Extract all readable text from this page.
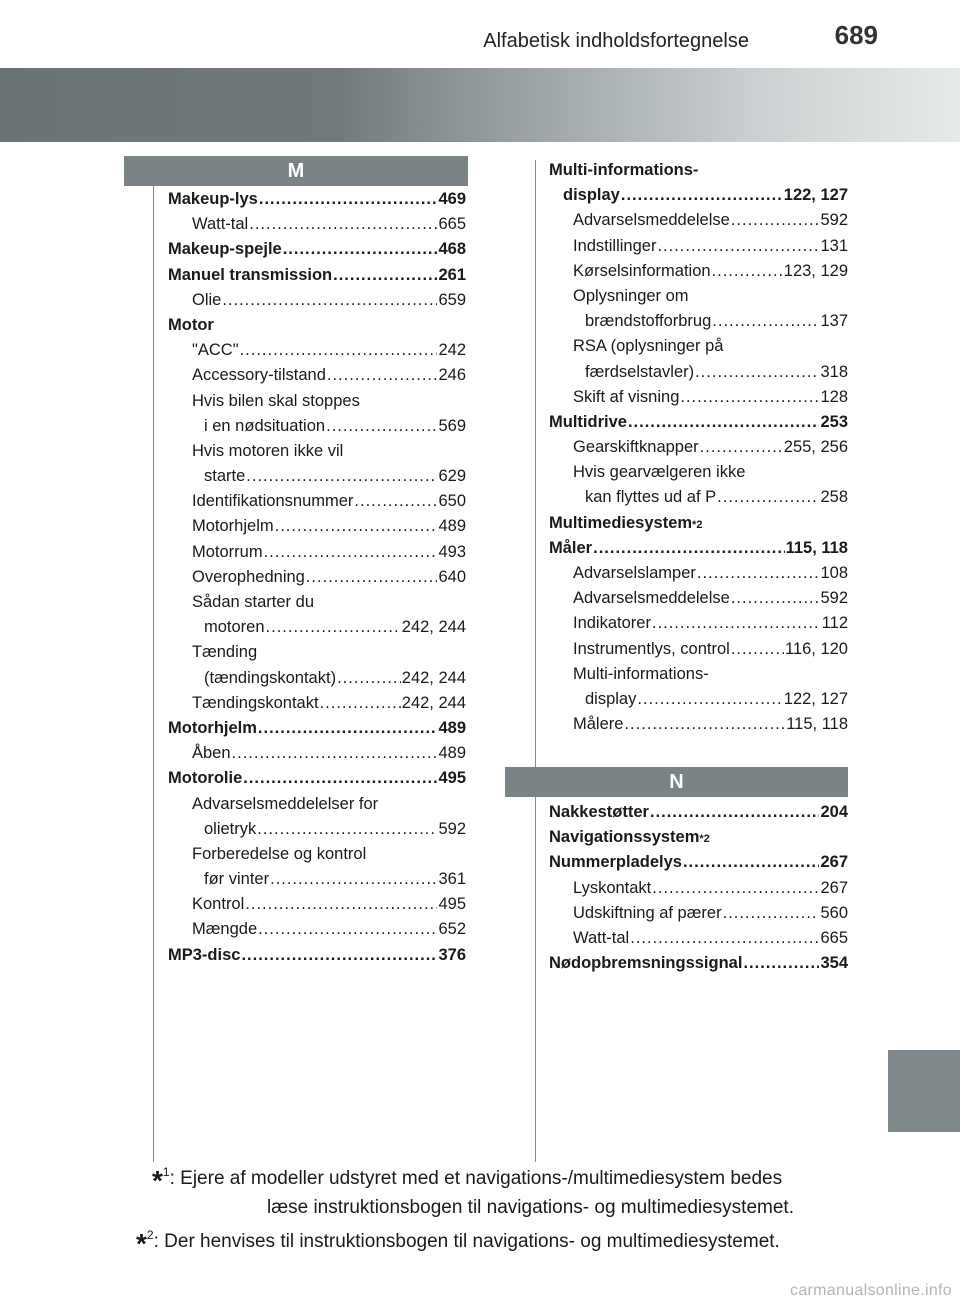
689
Alfabetisk indholdsfortegnelse
M
Makeup-lys .....	469
Watt-tal .....	665
Makeup-spejle .....	468
Manuel transmission .....	261
Olie .....	659
Motor
"ACC" .....	242
Accessory-tilstand .....	246
Hvis bilen skal stoppes
i en nødsituation .....	569
Hvis motoren ikke vil
starte .....	629
Identifikationsnummer .....	650
Motorhjelm .....	489
Motorrum .....	493
Overophedning .....	640
Sådan starter du
motoren .....	242, 244
Tænding
(tændingskontakt) .....	242, 244
Tændingskontakt .....	242, 244
Motorhjelm .....	489
Åben .....	489
Motorolie .....	495
Advarselsmeddelelser for
olietryk .....	592
Forberedelse og kontrol
før vinter .....	361
Kontrol .....	495
Mængde .....	652
MP3-disc .....	376
Multi-informations-
display .....	122, 127
Advarselsmeddelelse .....	592
Indstillinger .....	131
Kørselsinformation .....	123, 129
Oplysninger om
brændstofforbrug .....	137
RSA (oplysninger på
færdselstavler) .....	318
Skift af visning .....	128
Multidrive .....	253
Gearskiftknapper .....	255, 256
Hvis gearvælgeren ikke
kan flyttes ud af P .....	258
Multimediesystem *2
Måler .....	115, 118
Advarselslamper .....	108
Advarselsmeddelelse .....	592
Indikatorer .....	112
Instrumentlys, control .....	116, 120
Multi-informations-
display .....	122, 127
Målere .....	115, 118
N
Nakkestøtter .....	204
Navigationssystem *2
Nummerpladelys .....	267
Lyskontakt .....	267
Udskiftning af pærer .....	560
Watt-tal .....	665
Nødopbremsningssignal .....	354
*$^1$: Ejere af modeller udstyret med et navigations-/multimediesystem bedes
læse instruktionsbogen til navigations- og multimediesystemet.
*$^2$: Der henvises til instruktionsbogen til navigations- og multimediesystemet.
carmanualsonline.info
